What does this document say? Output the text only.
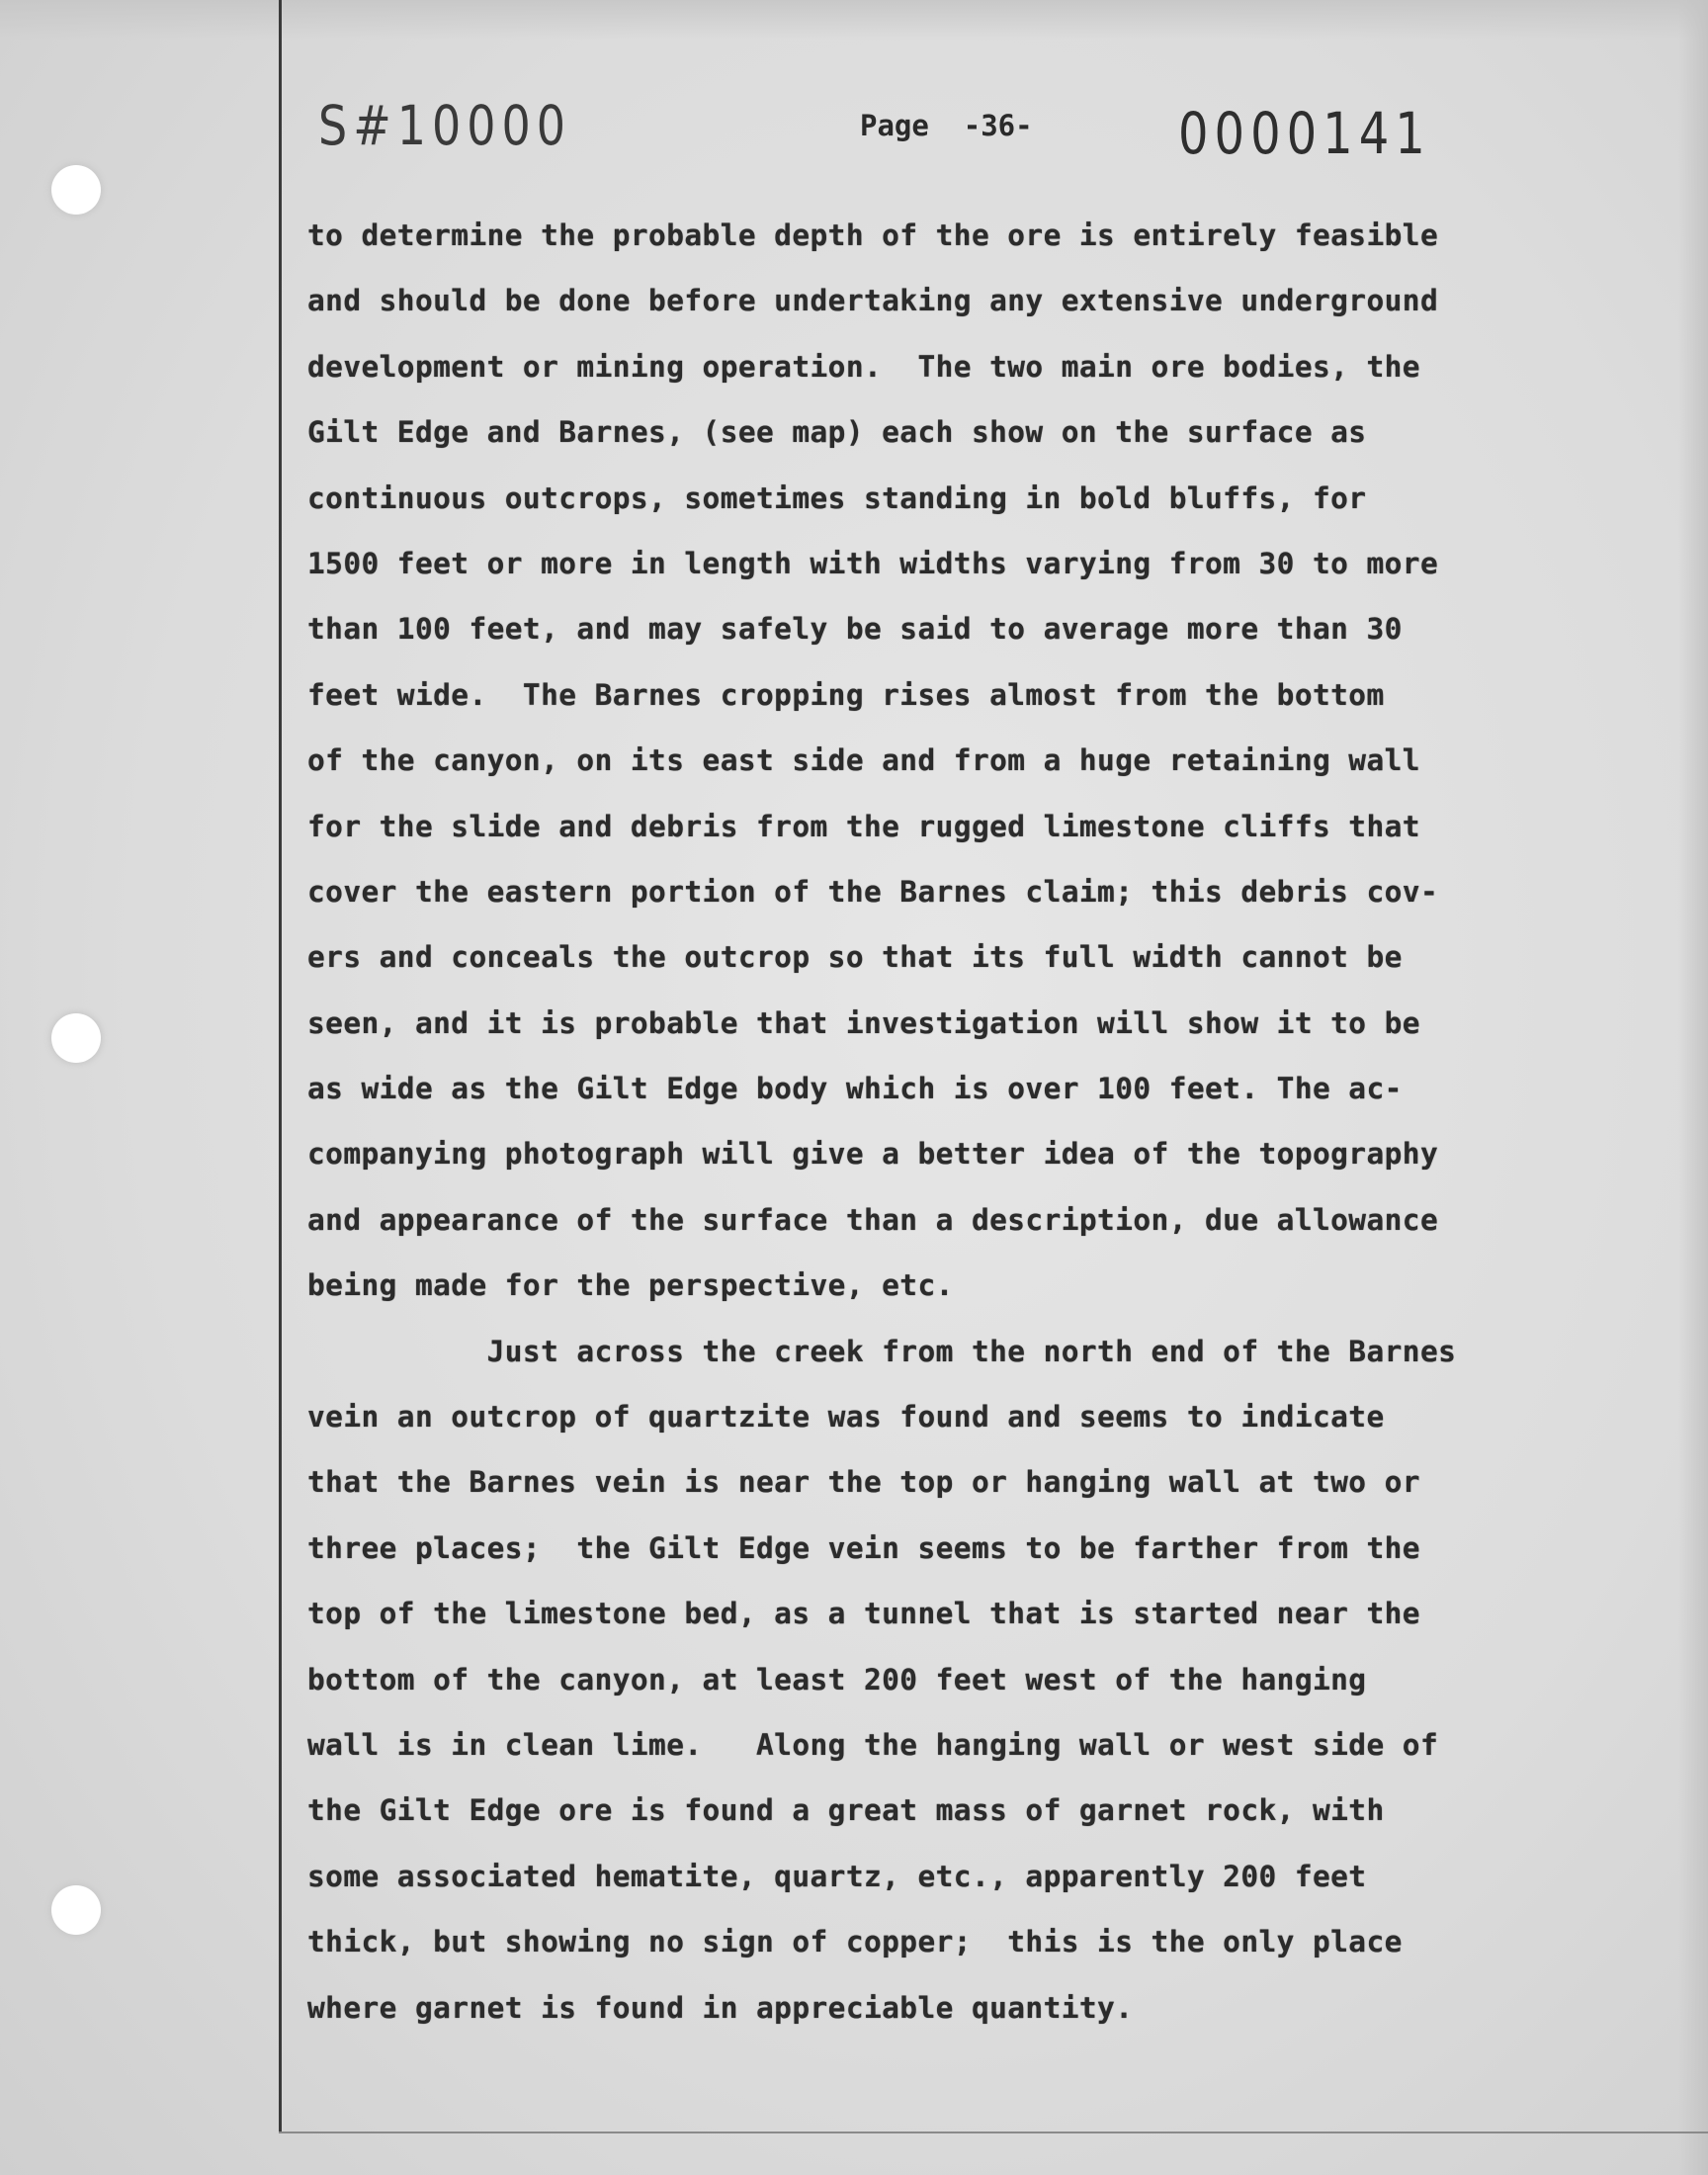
S#10000	Page  -36-	0000141
to determine the probable depth of the ore is entirely feasible
and should be done before undertaking any extensive underground
development or mining operation.  The two main ore bodies, the
Gilt Edge and Barnes, (see map) each show on the surface as
continuous outcrops, sometimes standing in bold bluffs, for
1500 feet or more in length with widths varying from 30 to more
than 100 feet, and may safely be said to average more than 30
feet wide.  The Barnes cropping rises almost from the bottom
of the canyon, on its east side and from a huge retaining wall
for the slide and debris from the rugged limestone cliffs that
cover the eastern portion of the Barnes claim; this debris cov-
ers and conceals the outcrop so that its full width cannot be
seen, and it is probable that investigation will show it to be
as wide as the Gilt Edge body which is over 100 feet. The ac-
companying photograph will give a better idea of the topography
and appearance of the surface than a description, due allowance
being made for the perspective, etc.
Just across the creek from the north end of the Barnes
vein an outcrop of quartzite was found and seems to indicate
that the Barnes vein is near the top or hanging wall at two or
three places;  the Gilt Edge vein seems to be farther from the
top of the limestone bed, as a tunnel that is started near the
bottom of the canyon, at least 200 feet west of the hanging
wall is in clean lime.   Along the hanging wall or west side of
the Gilt Edge ore is found a great mass of garnet rock, with
some associated hematite, quartz, etc., apparently 200 feet
thick, but showing no sign of copper;  this is the only place
where garnet is found in appreciable quantity.
